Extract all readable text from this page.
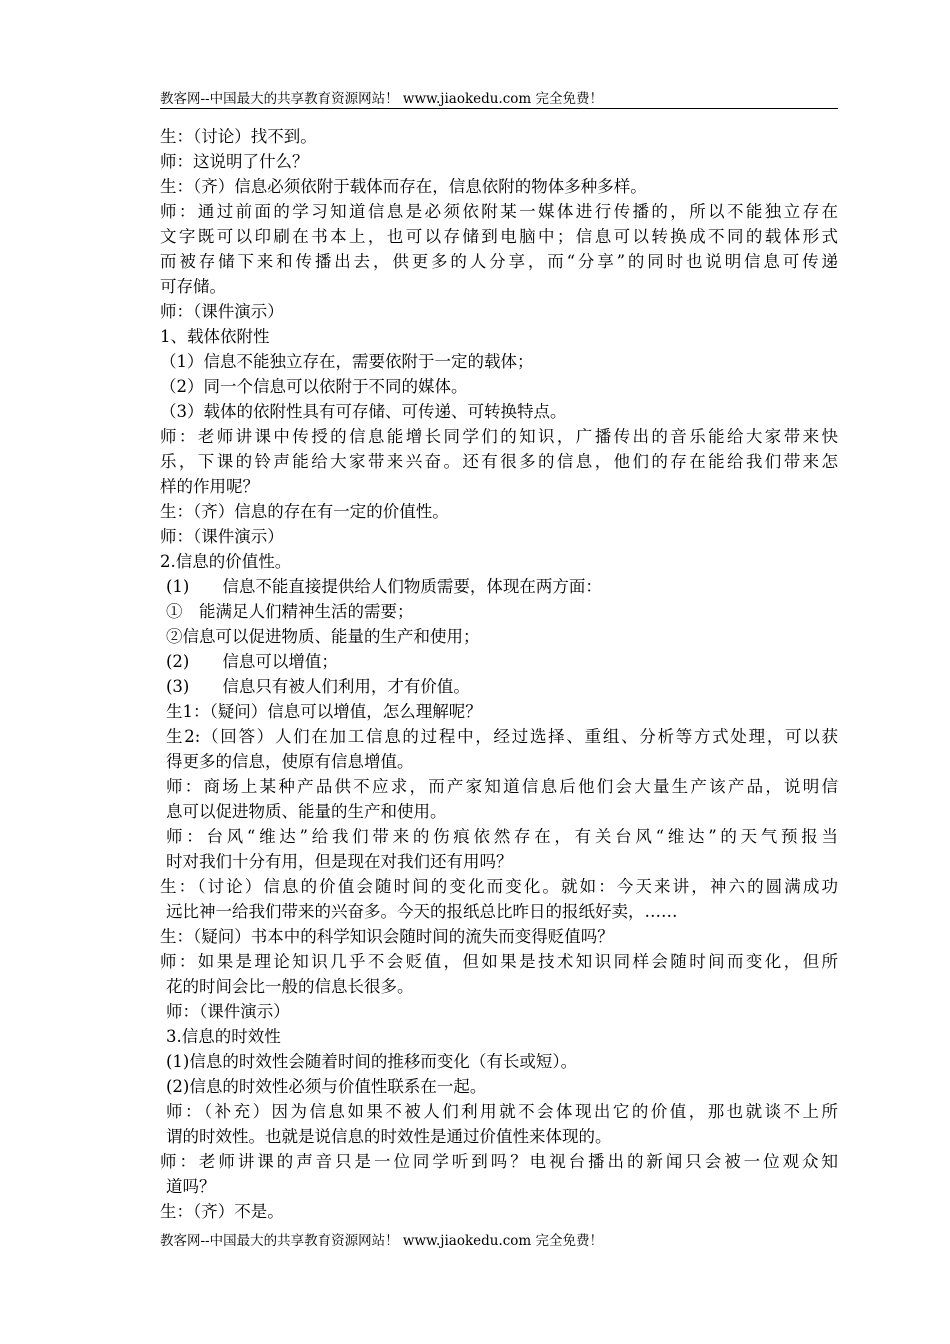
教客网--中国最大的共享教育资源网站！ www.jiaokedu.com 完全免费！
生：（讨论）找不到。
师：这说明了什么？
生：（齐）信息必须依附于载体而存在，信息依附的物体多种多样。
师：通过前面的学习知道信息是必须依附某一媒体进行传播的，所以不能独立存在
文字既可以印刷在书本上，也可以存储到电脑中；信息可以转换成不同的载体形式
而被存储下来和传播出去，供更多的人分享，而“分享”的同时也说明信息可传递
可存储。
师：（课件演示）
1、载体依附性
（1）信息不能独立存在，需要依附于一定的载体；
（2）同一个信息可以依附于不同的媒体。
（3）载体的依附性具有可存储、可传递、可转换特点。
师：老师讲课中传授的信息能增长同学们的知识，广播传出的音乐能给大家带来快
乐，下课的铃声能给大家带来兴奋。还有很多的信息，他们的存在能给我们带来怎
样的作用呢？
生：（齐）信息的存在有一定的价值性。
师：（课件演示）
2.信息的价值性。
(1)　　信息不能直接提供给人们物质需要，体现在两方面：
①　能满足人们精神生活的需要；
②信息可以促进物质、能量的生产和使用；
(2)　　信息可以增值；
(3)　　信息只有被人们利用，才有价值。
生1：（疑问）信息可以增值，怎么理解呢？
生2:（回答）人们在加工信息的过程中，经过选择、重组、分析等方式处理，可以获
得更多的信息，使原有信息增值。
师：商场上某种产品供不应求，而产家知道信息后他们会大量生产该产品，说明信
息可以促进物质、能量的生产和使用。
师：台风“维达”给我们带来的伤痕依然存在，有关台风“维达”的天气预报当
时对我们十分有用，但是现在对我们还有用吗？
生：（讨论）信息的价值会随时间的变化而变化。就如：今天来讲，神六的圆满成功
远比神一给我们带来的兴奋多。今天的报纸总比昨日的报纸好卖，……
生：（疑问）书本中的科学知识会随时间的流失而变得贬值吗？
师：如果是理论知识几乎不会贬值，但如果是技术知识同样会随时间而变化，但所
花的时间会比一般的信息长很多。
师：（课件演示）
3.信息的时效性
(1)信息的时效性会随着时间的推移而变化（有长或短）。
(2)信息的时效性必须与价值性联系在一起。
师：（补充）因为信息如果不被人们利用就不会体现出它的价值，那也就谈不上所
谓的时效性。也就是说信息的时效性是通过价值性来体现的。
师：老师讲课的声音只是一位同学听到吗？电视台播出的新闻只会被一位观众知
道吗？
生：（齐）不是。
教客网--中国最大的共享教育资源网站！ www.jiaokedu.com 完全免费！
